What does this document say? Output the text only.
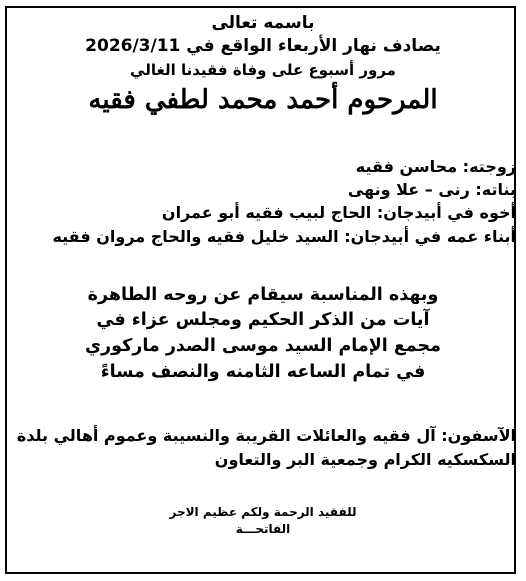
باسمه تعالى
يصادف نهار الأربعاء الواقع في 2026/3/11
مرور أسبوع على وفاة فقيدنا الغالي
المرحوم أحمد محمد لطفي فقيه
زوجته: محاسن فقيه
بناته: رنى – علا ونهى
أخوه في أبيدجان: الحاج لبيب فقيه أبو عمران
أبناء عمه في أبيدجان: السيد خليل فقيه والحاج مروان فقيه
وبهذه المناسبة سيقام عن روحه الطاهرة
آيات من الذكر الحكيم ومجلس عزاء في
مجمع الإمام السيد موسى الصدر ماركوري
في تمام الساعه الثامنه والنصف مساءً
الآسفون: آل فقيه والعائلات القريبة والنسيبة وعموم أهالي بلدة
السكسكيه الكرام وجمعية البر والتعاون
للفقيد الرحمة ولكم عظيم الاجر
الفاتحـــة
